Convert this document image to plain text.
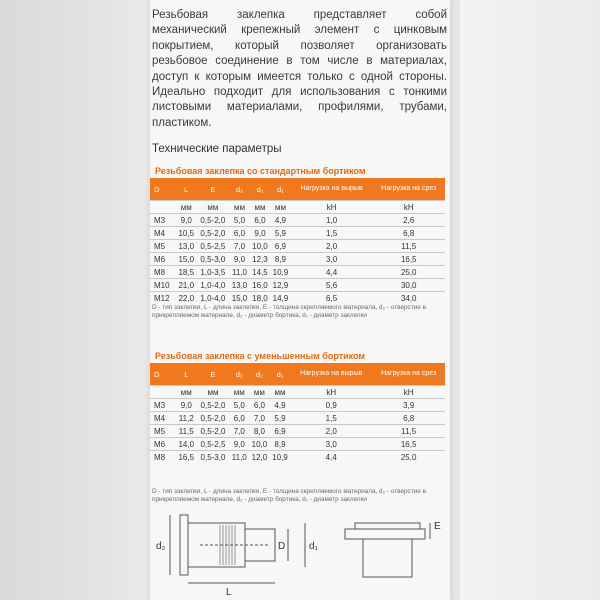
Резьбовая заклепка представляет собой механический крепежный элемент с цинковым покрытием, который позволяет организовать резьбовое соединение в том числе в материалах, доступ к которым имеется только с одной стороны. Идеально подходит для использования с тонкими листовыми материалами, профилями, трубами, пластиком.
Технические параметры
Резьбовая заклепка со стандартным бортиком
D	L	E	d₂	d₁	d₁	Нагрузка на вырыв	Нагрузка на срез
	мм	мм	мм	мм	мм	kH	kH
M3	9,0	0,5-2,0	5,0	6,0	4,9	1,0	2,6
M4	10,5	0,5-2,0	6,0	9,0	5,9	1,5	6,8
M5	13,0	0,5-2,5	7,0	10,0	6,9	2,0	11,5
M6	15,0	0,5-3,0	9,0	12,3	8,9	3,0	16,5
M8	18,5	1,0-3,5	11,0	14,5	10,9	4,4	25,0
M10	21,0	1,0-4,0	13,0	16,0	12,9	5,6	30,0
M12	22,0	1,0-4,0	15,0	18,0	14,9	6,5	34,0
D - тип заклепки, L - длина заклепки, E - толщина скрепляемого материала, d₂ - отверстие в прикрепляемом материале, d₂ - диаметр бортика, d₁ - диаметр заклепки
Резьбовая заклепка с уменьшенным бортиком
D	L	E	d₂	d₂	d₁	Нагрузка на вырыв	Нагрузка на срез
	мм	мм	мм	мм	мм	kH	kH
M3	9,0	0,5-2,0	5,0	6,0	4,9	0,9	3,9
M4	11,2	0,5-2,0	6,0	7,0	5,9	1,5	6,8
M5	11,5	0,5-2,0	7,0	8,0	6,9	2,0	11,5
M6	14,0	0,5-2,5	9,0	10,0	8,9	3,0	16,5
M8	16,5	0,5-3,0	11,0	12,0	10,9	4,4	25,0
D - тип заклепки, L - длина заклепки, E - толщина скрепляемого материала, d₂ - отверстие в прикрепляемом материале, d₂ - диаметр бортика, d₁ - диаметр заклепки
d₂
L
D d₁
E
